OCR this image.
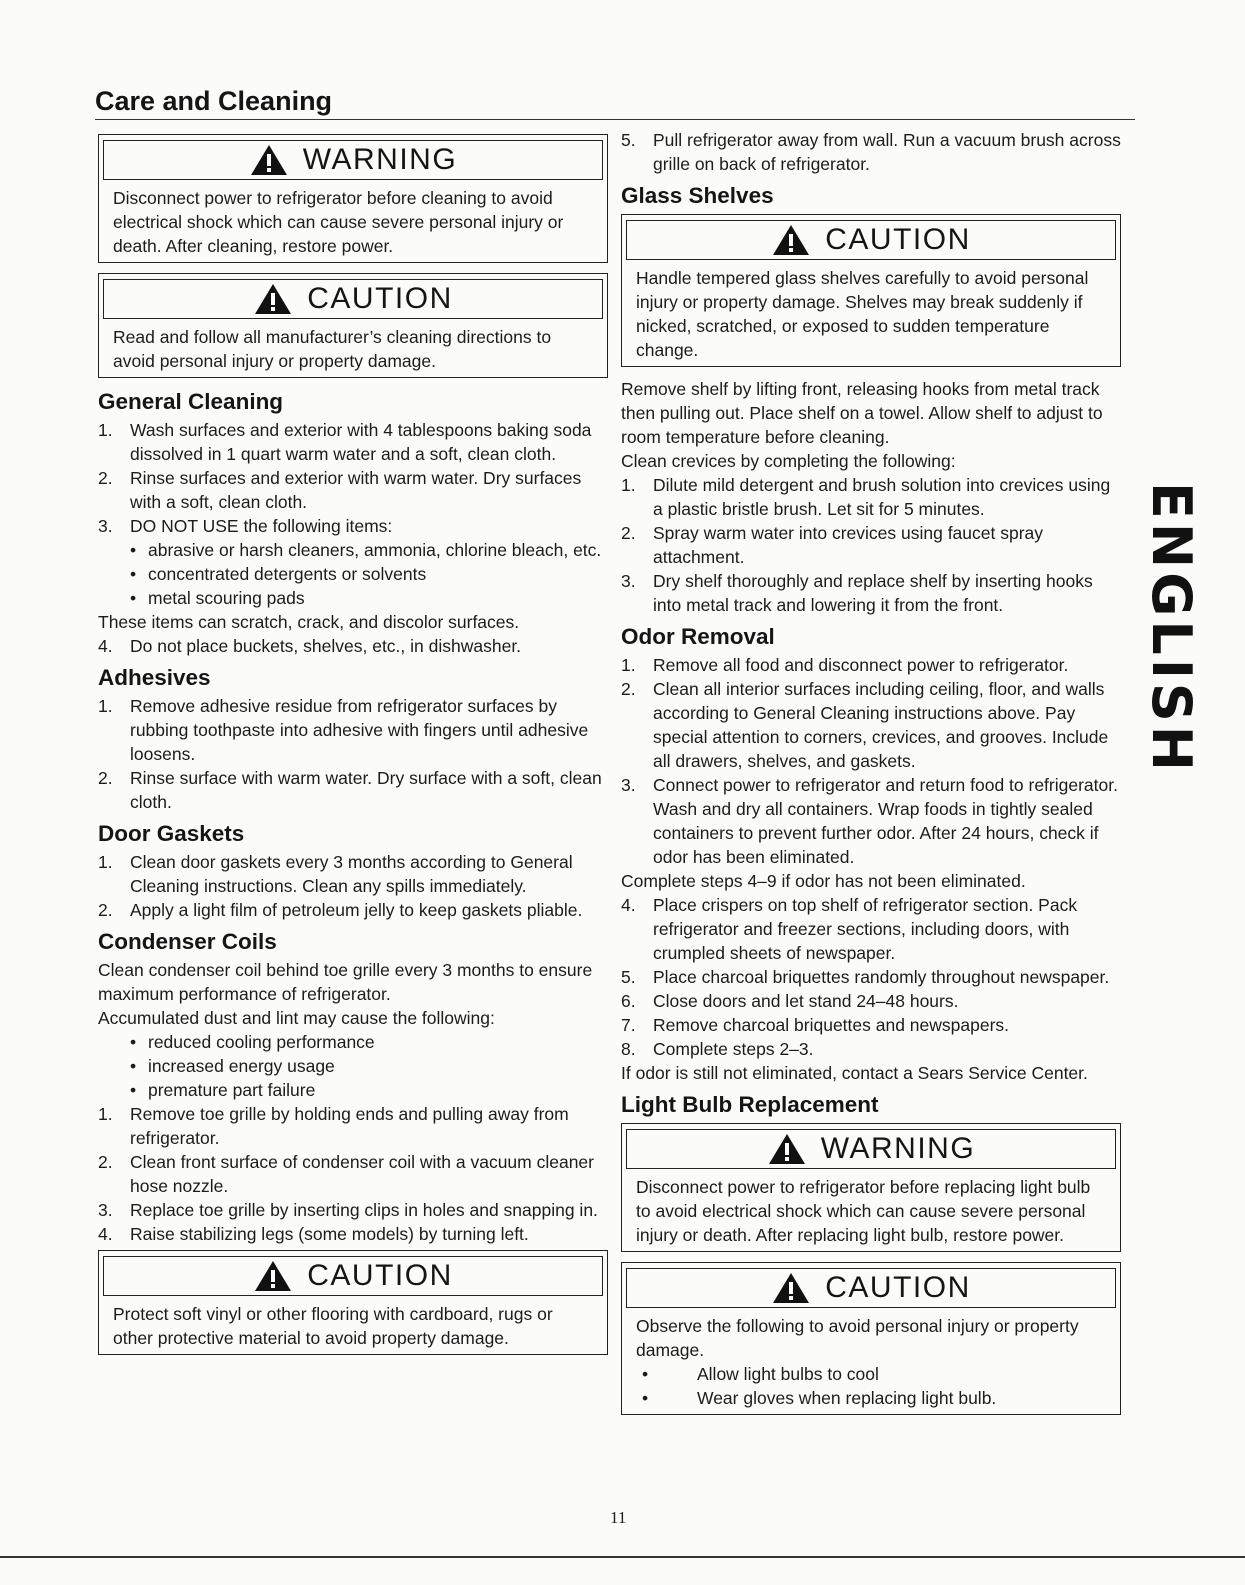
Care and Cleaning
WARNING
Disconnect power to refrigerator before cleaning to avoid electrical shock which can cause severe personal injury or death. After cleaning, restore power.
CAUTION
Read and follow all manufacturer’s cleaning directions to avoid personal injury or property damage.
General Cleaning
1. Wash surfaces and exterior with 4 tablespoons baking soda dissolved in 1 quart warm water and a soft, clean cloth.
2. Rinse surfaces and exterior with warm water. Dry surfaces with a soft, clean cloth.
3. DO NOT USE the following items:
• abrasive or harsh cleaners, ammonia, chlorine bleach, etc.
• concentrated detergents or solvents
• metal scouring pads

These items can scratch, crack, and discolor surfaces.

4. Do not place buckets, shelves, etc., in dishwasher.
Adhesives
1. Remove adhesive residue from refrigerator surfaces by rubbing toothpaste into adhesive with fingers until adhesive loosens.
2. Rinse surface with warm water. Dry surface with a soft, clean cloth.
Door Gaskets
1. Clean door gaskets every 3 months according to General Cleaning instructions. Clean any spills immediately.
2. Apply a light film of petroleum jelly to keep gaskets pliable.
Condenser Coils

Clean condenser coil behind toe grille every 3 months to ensure maximum performance of refrigerator.

Accumulated dust and lint may cause the following:

• reduced cooling performance
• increased energy usage
• premature part failure
1. Remove toe grille by holding ends and pulling away from refrigerator.
2. Clean front surface of condenser coil with a vacuum cleaner hose nozzle.
3. Replace toe grille by inserting clips in holes and snapping in.
4. Raise stabilizing legs (some models) by turning left.
CAUTION
Protect soft vinyl or other flooring with cardboard, rugs or other protective material to avoid property damage.
5. Pull refrigerator away from wall. Run a vacuum brush across grille on back of refrigerator.
Glass Shelves
CAUTION
Handle tempered glass shelves carefully to avoid personal injury or property damage. Shelves may break suddenly if nicked, scratched, or exposed to sudden temperature change.

Remove shelf by lifting front, releasing hooks from metal track then pulling out. Place shelf on a towel. Allow shelf to adjust to room temperature before cleaning.

Clean crevices by completing the following:

1. Dilute mild detergent and brush solution into crevices using a plastic bristle brush. Let sit for 5 minutes.
2. Spray warm water into crevices using faucet spray attachment.
3. Dry shelf thoroughly and replace shelf by inserting hooks into metal track and lowering it from the front.
Odor Removal
1. Remove all food and disconnect power to refrigerator.
2. Clean all interior surfaces including ceiling, floor, and walls according to General Cleaning instructions above. Pay special attention to corners, crevices, and grooves. Include all drawers, shelves, and gaskets.
3. Connect power to refrigerator and return food to refrigerator. Wash and dry all containers. Wrap foods in tightly sealed containers to prevent further odor. After 24 hours, check if odor has been eliminated.

Complete steps 4–9 if odor has not been eliminated.

4. Place crispers on top shelf of refrigerator section. Pack refrigerator and freezer sections, including doors, with crumpled sheets of newspaper.
5. Place charcoal briquettes randomly throughout newspaper.
6. Close doors and let stand 24–48 hours.
7. Remove charcoal briquettes and newspapers.
8. Complete steps 2–3.

If odor is still not eliminated, contact a Sears Service Center.

Light Bulb Replacement
WARNING
Disconnect power to refrigerator before replacing light bulb to avoid electrical shock which can cause severe personal injury or death. After replacing light bulb, restore power.
CAUTION
Observe the following to avoid personal injury or property damage.
•	Allow light bulbs to cool
•	Wear gloves when replacing light bulb.
ENGLISH
11
